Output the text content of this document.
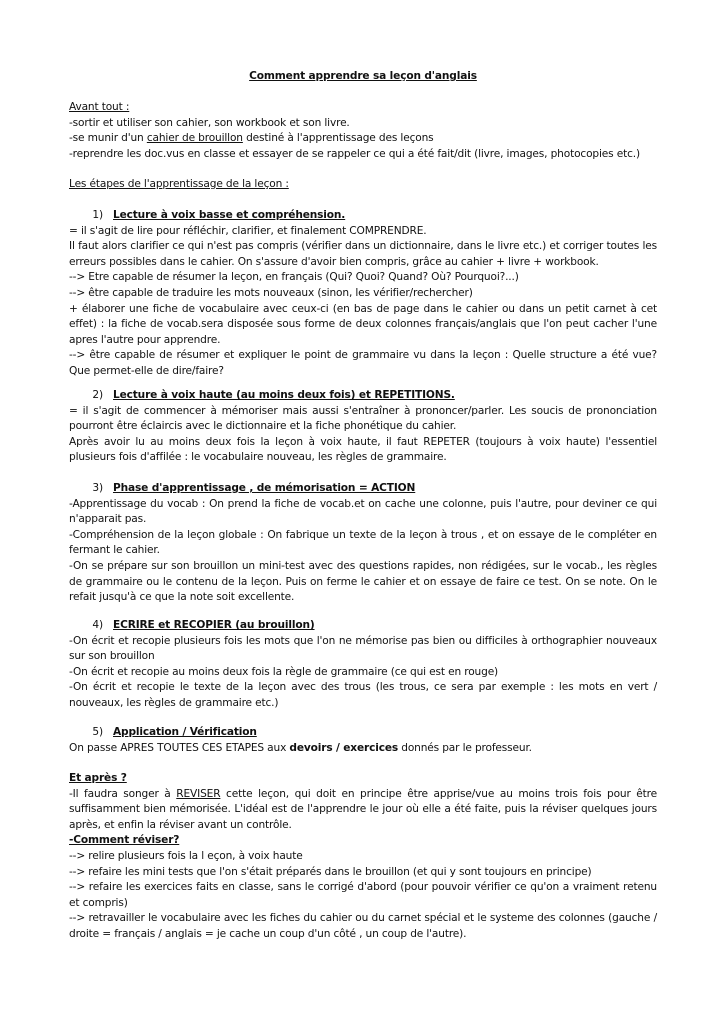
Comment apprendre sa leçon d'anglais
Avant tout :
-sortir et utiliser son cahier, son workbook et son livre.
-se munir d'un cahier de brouillon destiné à l'apprentissage des leçons
-reprendre les doc.vus en classe et essayer de se rappeler ce qui a été fait/dit (livre, images, photocopies etc.)
Les étapes de l'apprentissage de la leçon :
1) Lecture à voix basse et compréhension.
= il s'agit de lire pour réfléchir, clarifier, et finalement COMPRENDRE.
Il faut alors clarifier ce qui n'est pas compris (vérifier dans un dictionnaire, dans le livre etc.) et corriger toutes les erreurs possibles dans le cahier. On s'assure d'avoir bien compris, grâce au cahier + livre + workbook.
--> Etre capable de résumer la leçon, en français (Qui? Quoi? Quand? Où? Pourquoi?...)
--> être capable de traduire les mots nouveaux (sinon, les vérifier/rechercher)
+ élaborer une fiche de vocabulaire avec ceux-ci (en bas de page dans le cahier ou dans un petit carnet à cet effet) : la fiche de vocab.sera disposée sous forme de deux colonnes français/anglais que l'on peut cacher l'une apres l'autre pour apprendre.
--> être capable de résumer et expliquer le point de grammaire vu dans la leçon : Quelle structure a été vue? Que permet-elle de dire/faire?
2) Lecture à voix haute (au moins deux fois) et REPETITIONS.
= il s'agit de commencer à mémoriser mais aussi s'entraîner à prononcer/parler. Les soucis de prononciation pourront être éclaircis avec le dictionnaire et la fiche phonétique du cahier.
Après avoir lu au moins deux fois la leçon à voix haute, il faut REPETER (toujours à voix haute) l'essentiel plusieurs fois d'affilée : le vocabulaire nouveau, les règles de grammaire.
3) Phase d'apprentissage , de mémorisation = ACTION
-Apprentissage du vocab : On prend la fiche de vocab.et on cache une colonne, puis l'autre, pour deviner ce qui n'apparait pas.
-Compréhension de la leçon globale : On fabrique un texte de la leçon à trous , et on essaye de le compléter en fermant le cahier.
-On se prépare sur son brouillon un mini-test avec des questions rapides, non rédigées, sur le vocab., les règles de grammaire ou le contenu de la leçon. Puis on ferme le cahier et on essaye de faire ce test. On se note. On le refait jusqu'à ce que la note soit excellente.
4) ECRIRE et RECOPIER (au brouillon)
-On écrit et recopie plusieurs fois les mots que l'on ne mémorise pas bien ou difficiles à orthographier nouveaux sur son brouillon
-On écrit et recopie au moins deux fois la règle de grammaire (ce qui est en rouge)
-On écrit et recopie le texte de la leçon avec des trous (les trous, ce sera par exemple : les mots en vert / nouveaux, les règles de grammaire etc.)
5) Application / Vérification
On passe APRES TOUTES CES ETAPES aux devoirs / exercices donnés par le professeur.
Et après ?
-Il faudra songer à REVISER cette leçon, qui doit en principe être apprise/vue au moins trois fois pour être suffisamment bien mémorisée. L'idéal est de l'apprendre le jour où elle a été faite, puis la réviser quelques jours après, et enfin la réviser avant un contrôle.
-Comment réviser?
--> relire plusieurs fois la l eçon, à voix haute
--> refaire les mini tests que l'on s'était préparés dans le brouillon (et qui y sont toujours en principe)
--> refaire les exercices faits en classe, sans le corrigé d'abord (pour pouvoir vérifier ce qu'on a vraiment retenu et compris)
--> retravailler le vocabulaire avec les fiches du cahier ou du carnet spécial et le systeme des colonnes (gauche / droite = français / anglais = je cache un coup d'un côté , un coup de l'autre).
